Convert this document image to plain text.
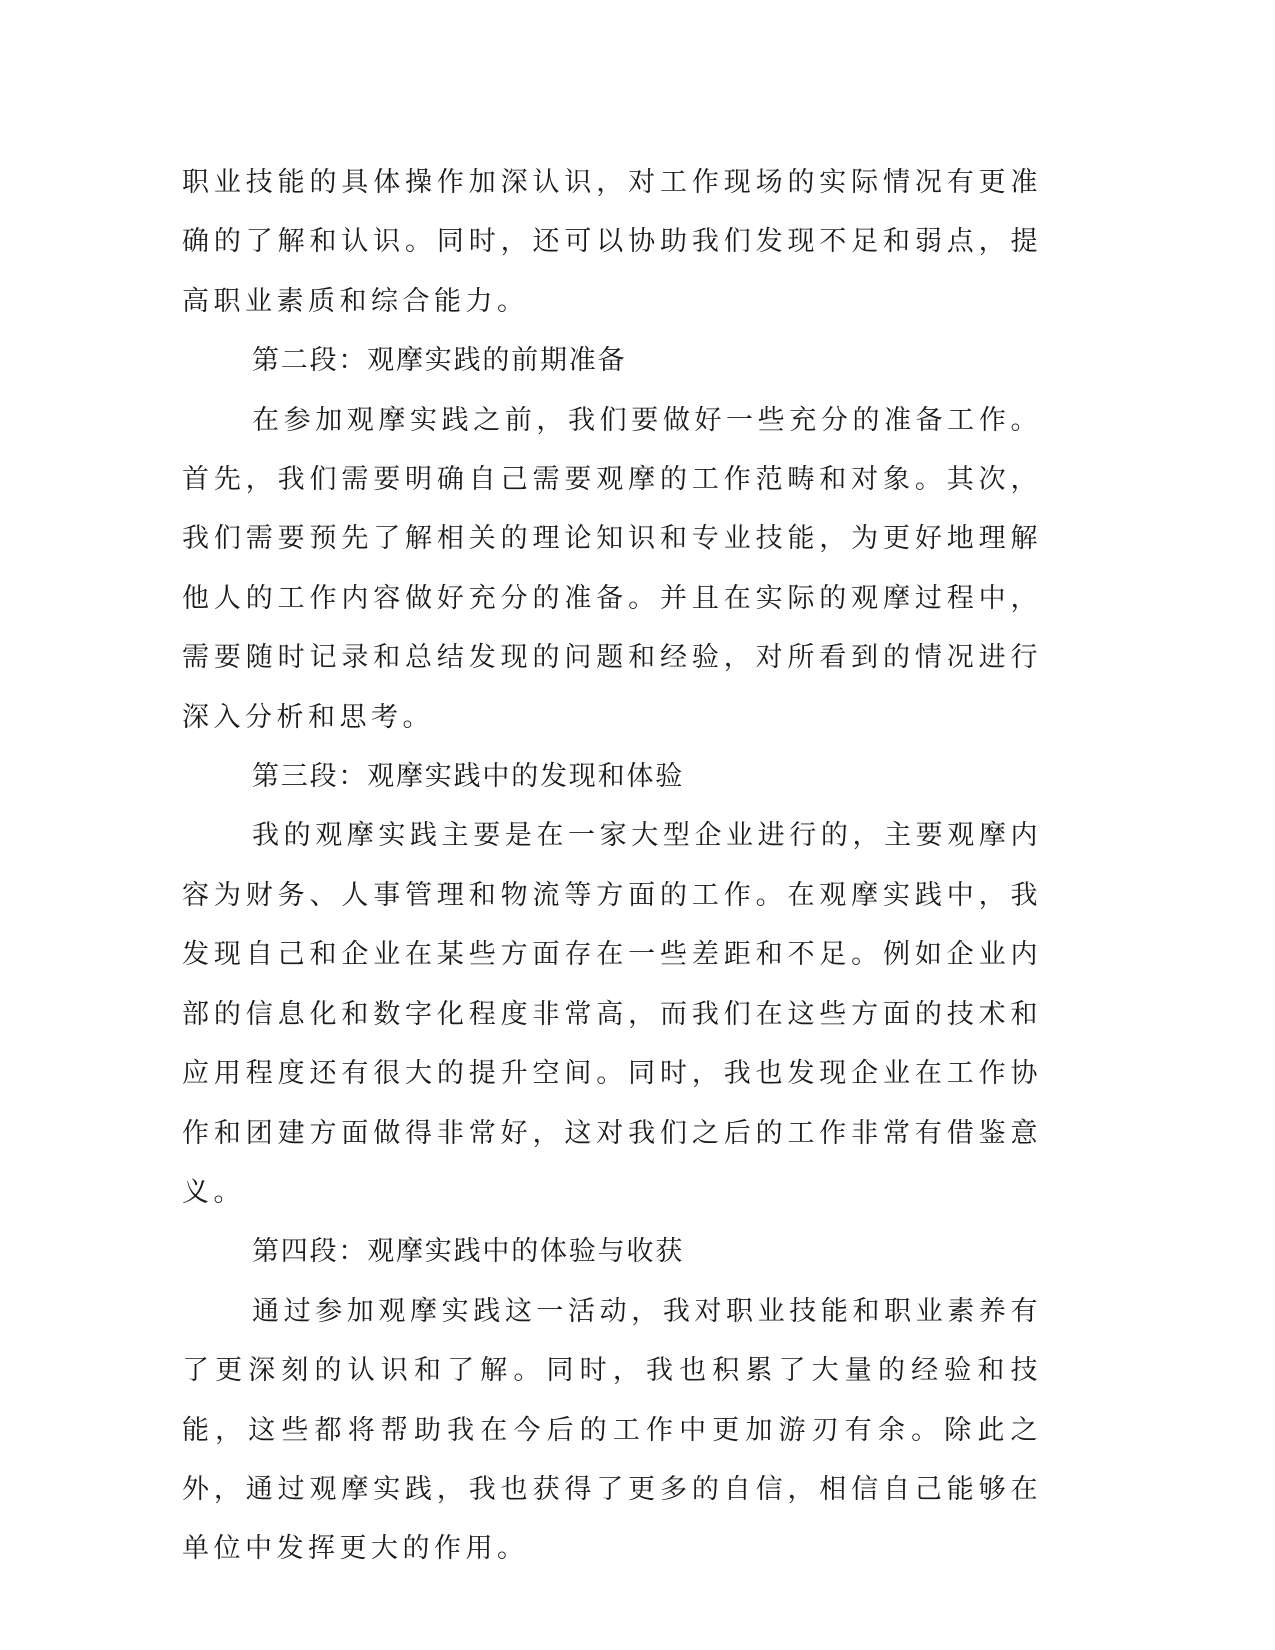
职业技能的具体操作加深认识，对工作现场的实际情况有更准确的了解和认识。同时，还可以协助我们发现不足和弱点，提高职业素质和综合能力。

第二段：观摩实践的前期准备

在参加观摩实践之前，我们要做好一些充分的准备工作。首先，我们需要明确自己需要观摩的工作范畴和对象。其次，我们需要预先了解相关的理论知识和专业技能，为更好地理解他人的工作内容做好充分的准备。并且在实际的观摩过程中，需要随时记录和总结发现的问题和经验，对所看到的情况进行深入分析和思考。

第三段：观摩实践中的发现和体验

我的观摩实践主要是在一家大型企业进行的，主要观摩内容为财务、人事管理和物流等方面的工作。在观摩实践中，我发现自己和企业在某些方面存在一些差距和不足。例如企业内部的信息化和数字化程度非常高，而我们在这些方面的技术和应用程度还有很大的提升空间。同时，我也发现企业在工作协作和团建方面做得非常好，这对我们之后的工作非常有借鉴意义。

第四段：观摩实践中的体验与收获

通过参加观摩实践这一活动，我对职业技能和职业素养有了更深刻的认识和了解。同时，我也积累了大量的经验和技能，这些都将帮助我在今后的工作中更加游刃有余。除此之外，通过观摩实践，我也获得了更多的自信，相信自己能够在单位中发挥更大的作用。
